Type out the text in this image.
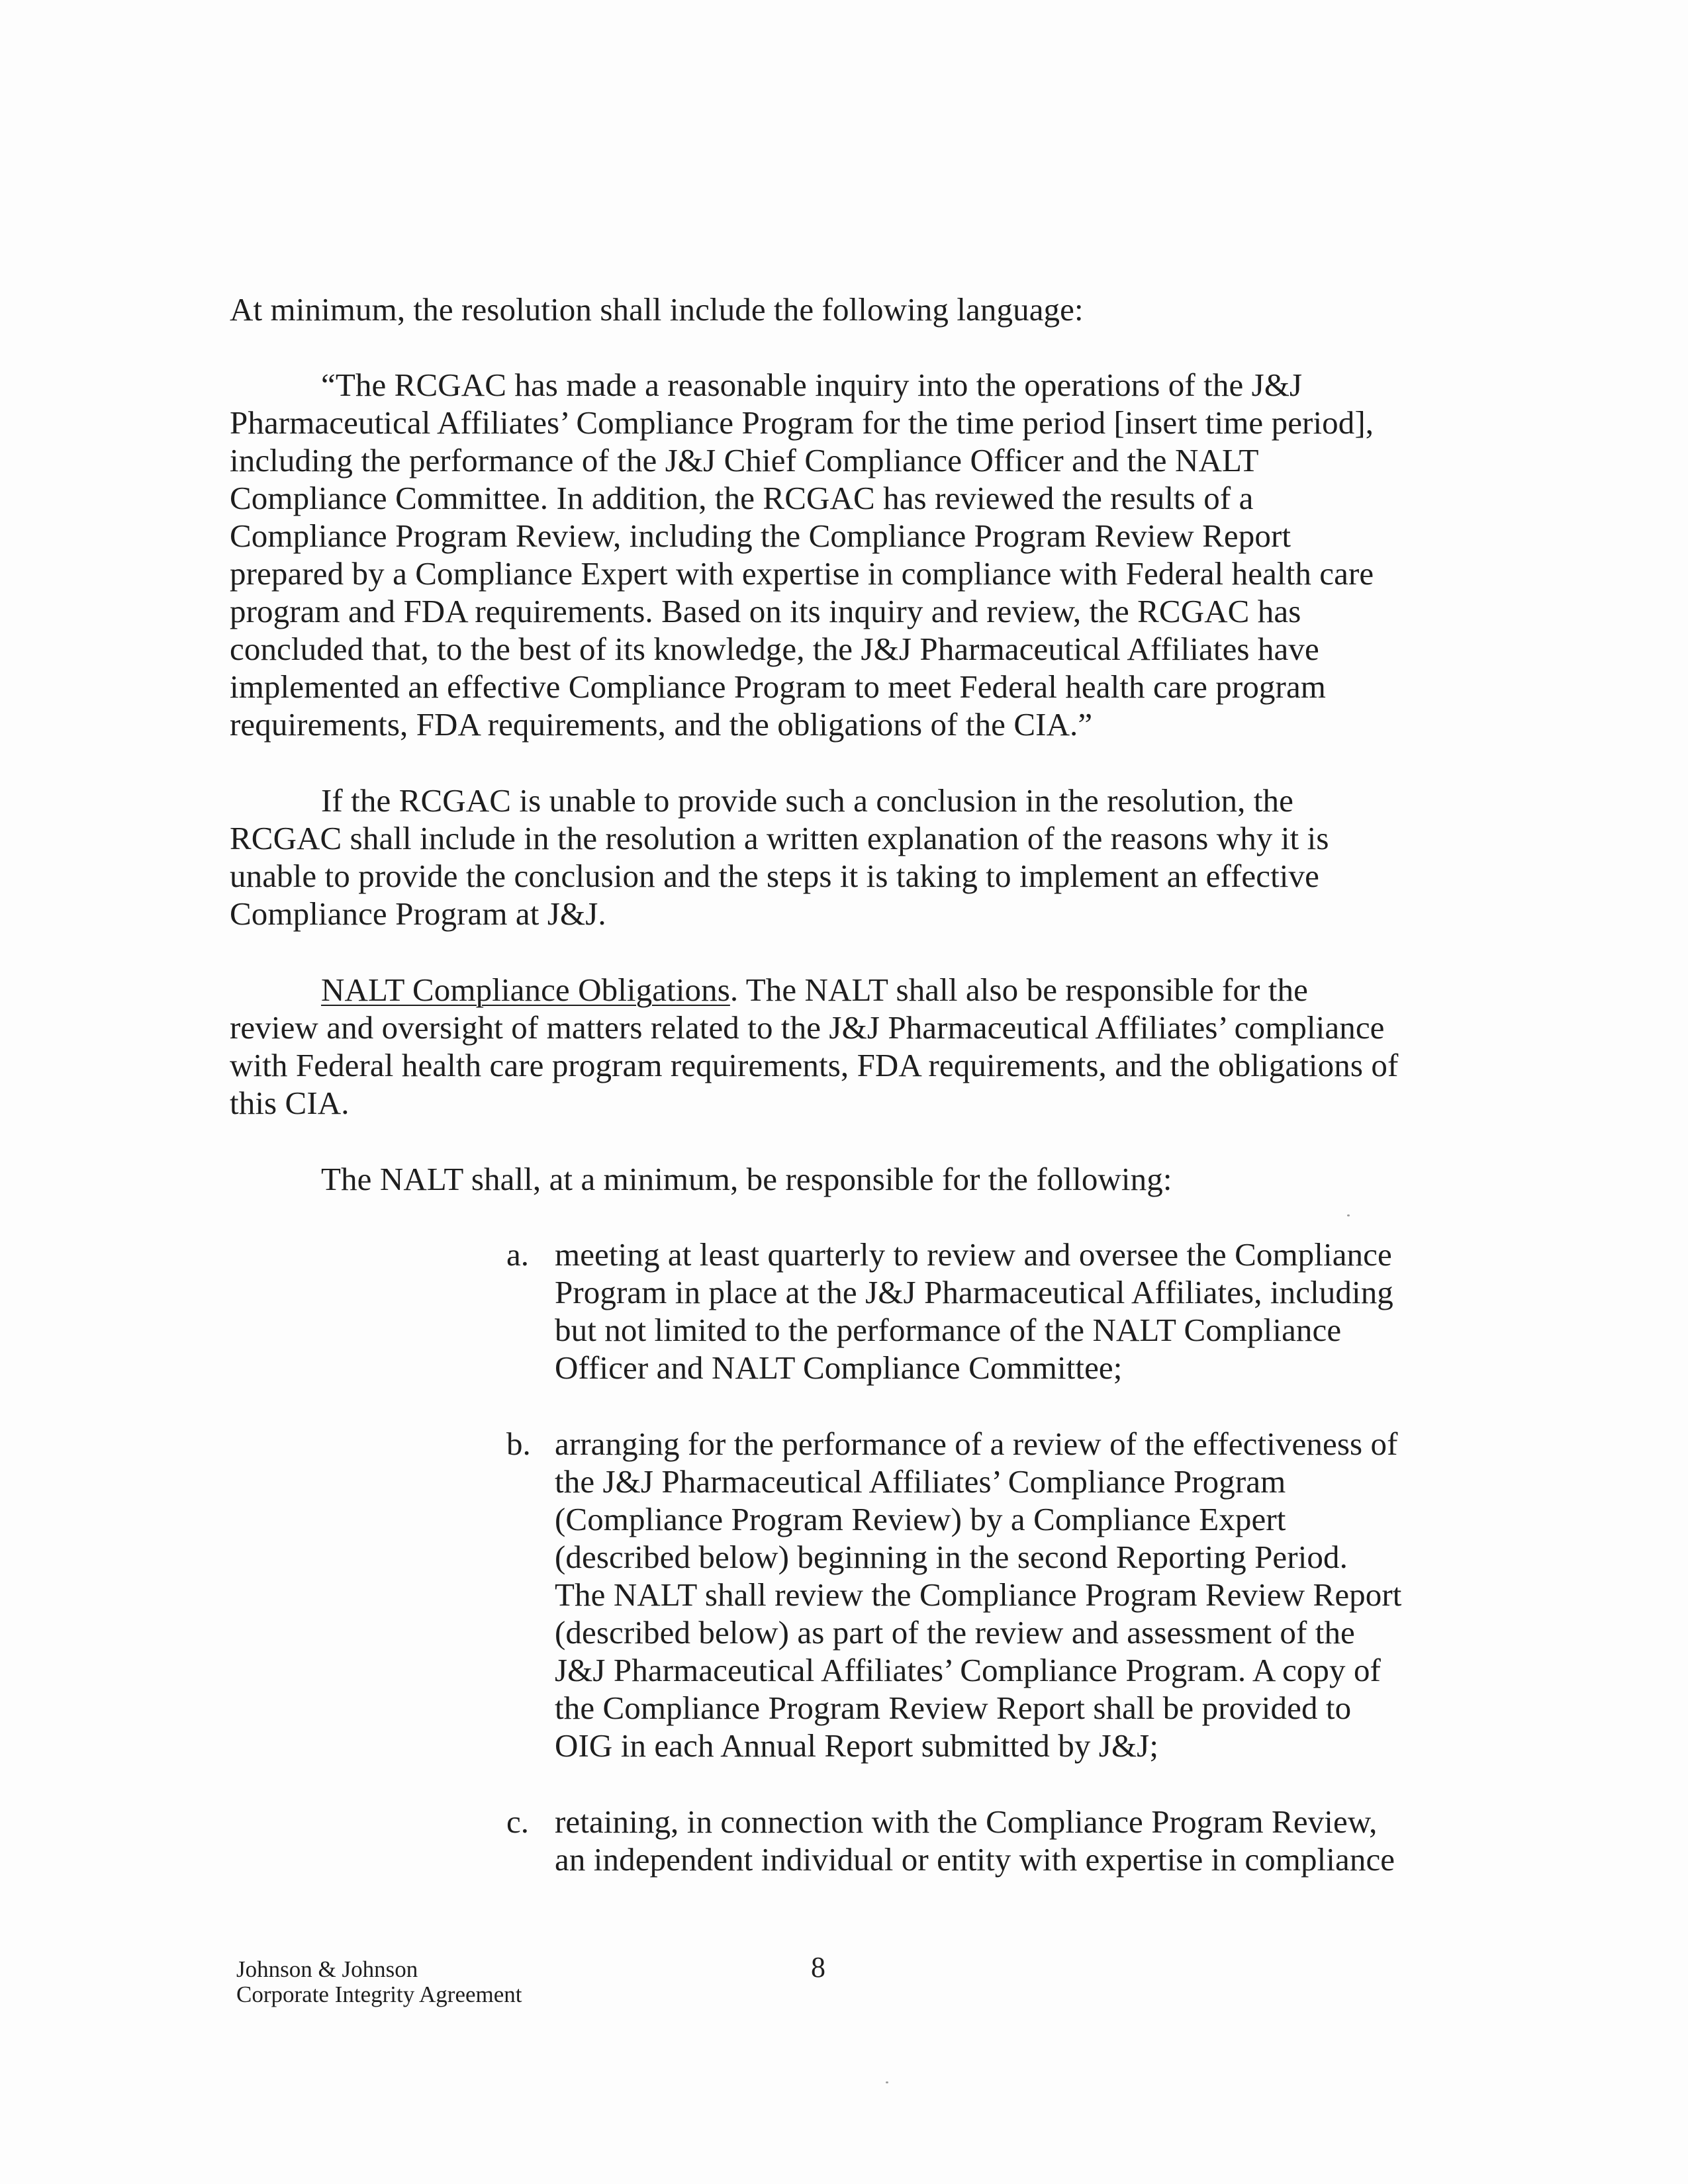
At minimum, the resolution shall include the following language:
“The RCGAC has made a reasonable inquiry into the operations of the J&J
Pharmaceutical Affiliates’ Compliance Program for the time period [insert time period],
including the performance of the J&J Chief Compliance Officer and the NALT
Compliance Committee. In addition, the RCGAC has reviewed the results of a
Compliance Program Review, including the Compliance Program Review Report
prepared by a Compliance Expert with expertise in compliance with Federal health care
program and FDA requirements. Based on its inquiry and review, the RCGAC has
concluded that, to the best of its knowledge, the J&J Pharmaceutical Affiliates have
implemented an effective Compliance Program to meet Federal health care program
requirements, FDA requirements, and the obligations of the CIA.”
If the RCGAC is unable to provide such a conclusion in the resolution, the
RCGAC shall include in the resolution a written explanation of the reasons why it is
unable to provide the conclusion and the steps it is taking to implement an effective
Compliance Program at J&J.
NALT Compliance Obligations. The NALT shall also be responsible for the
review and oversight of matters related to the J&J Pharmaceutical Affiliates’ compliance
with Federal health care program requirements, FDA requirements, and the obligations of
this CIA.
The NALT shall, at a minimum, be responsible for the following:
a. meeting at least quarterly to review and oversee the Compliance
Program in place at the J&J Pharmaceutical Affiliates, including
but not limited to the performance of the NALT Compliance
Officer and NALT Compliance Committee;
b. arranging for the performance of a review of the effectiveness of
the J&J Pharmaceutical Affiliates’ Compliance Program
(Compliance Program Review) by a Compliance Expert
(described below) beginning in the second Reporting Period.
The NALT shall review the Compliance Program Review Report
(described below) as part of the review and assessment of the
J&J Pharmaceutical Affiliates’ Compliance Program. A copy of
the Compliance Program Review Report shall be provided to
OIG in each Annual Report submitted by J&J;
c. retaining, in connection with the Compliance Program Review,
an independent individual or entity with expertise in compliance
Johnson & Johnson
Corporate Integrity Agreement
8
